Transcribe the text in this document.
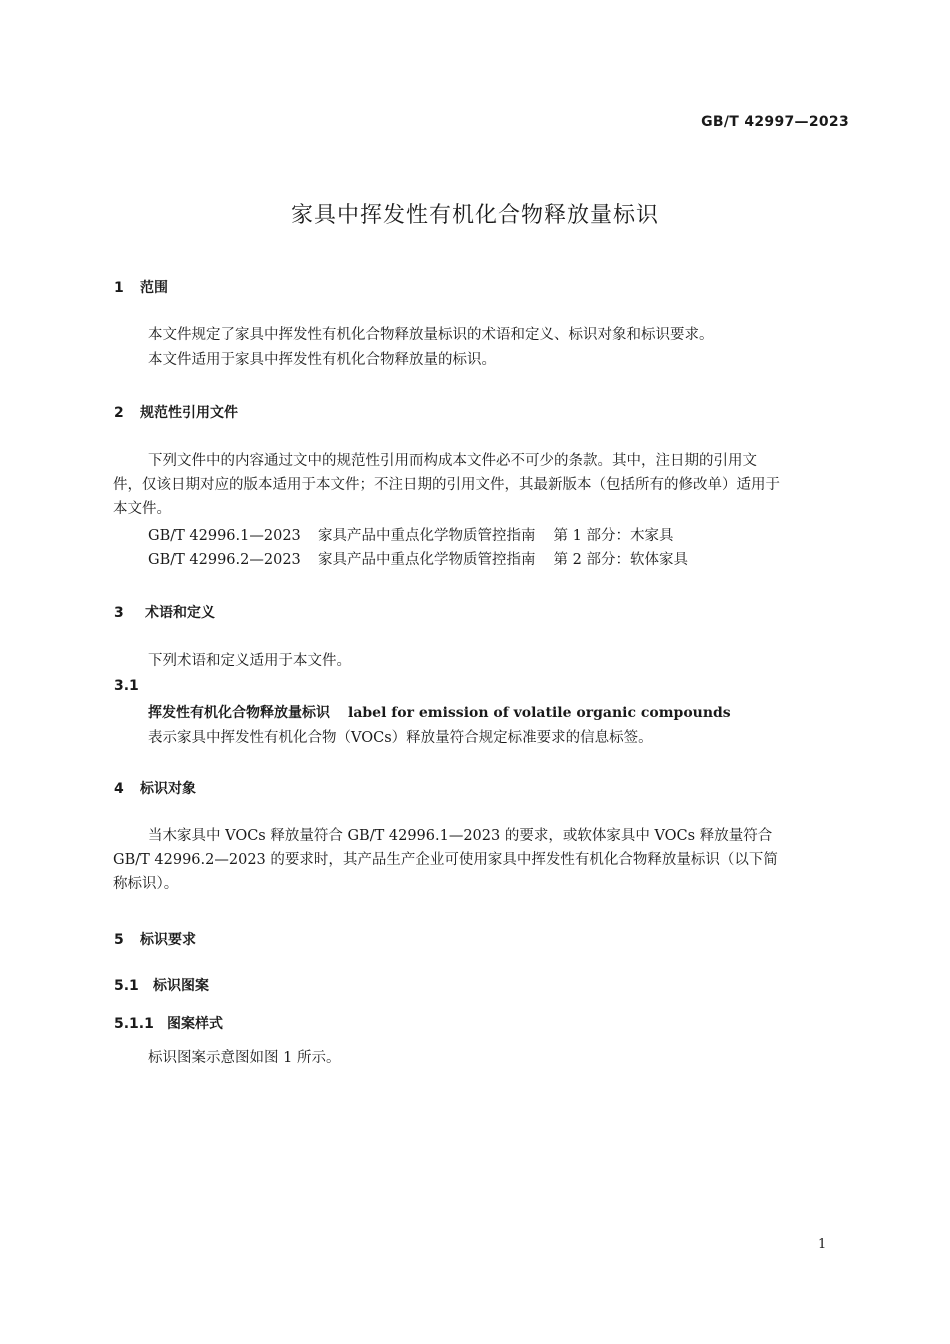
GB/T 42997—2023
家具中挥发性有机化合物释放量标识
1 范围
本文件规定了家具中挥发性有机化合物释放量标识的术语和定义、标识对象和标识要求。
本文件适用于家具中挥发性有机化合物释放量的标识。
2 规范性引用文件
下列文件中的内容通过文中的规范性引用而构成本文件必不可少的条款。其中，注日期的引用文
件，仅该日期对应的版本适用于本文件；不注日期的引用文件，其最新版本（包括所有的修改单）适用于
本文件。
GB/T 42996.1—2023 家具产品中重点化学物质管控指南 第 1 部分：木家具
GB/T 42996.2—2023 家具产品中重点化学物质管控指南 第 2 部分：软体家具
3 术语和定义
下列术语和定义适用于本文件。
3.1
挥发性有机化合物释放量标识 label for emission of volatile organic compounds
表示家具中挥发性有机化合物（VOCs）释放量符合规定标准要求的信息标签。
4 标识对象
当木家具中 VOCs 释放量符合 GB/T 42996.1—2023 的要求，或软体家具中 VOCs 释放量符合
GB/T 42996.2—2023 的要求时，其产品生产企业可使用家具中挥发性有机化合物释放量标识（以下简
称标识）。
5 标识要求
5.1 标识图案
5.1.1 图案样式
标识图案示意图如图 1 所示。
1
